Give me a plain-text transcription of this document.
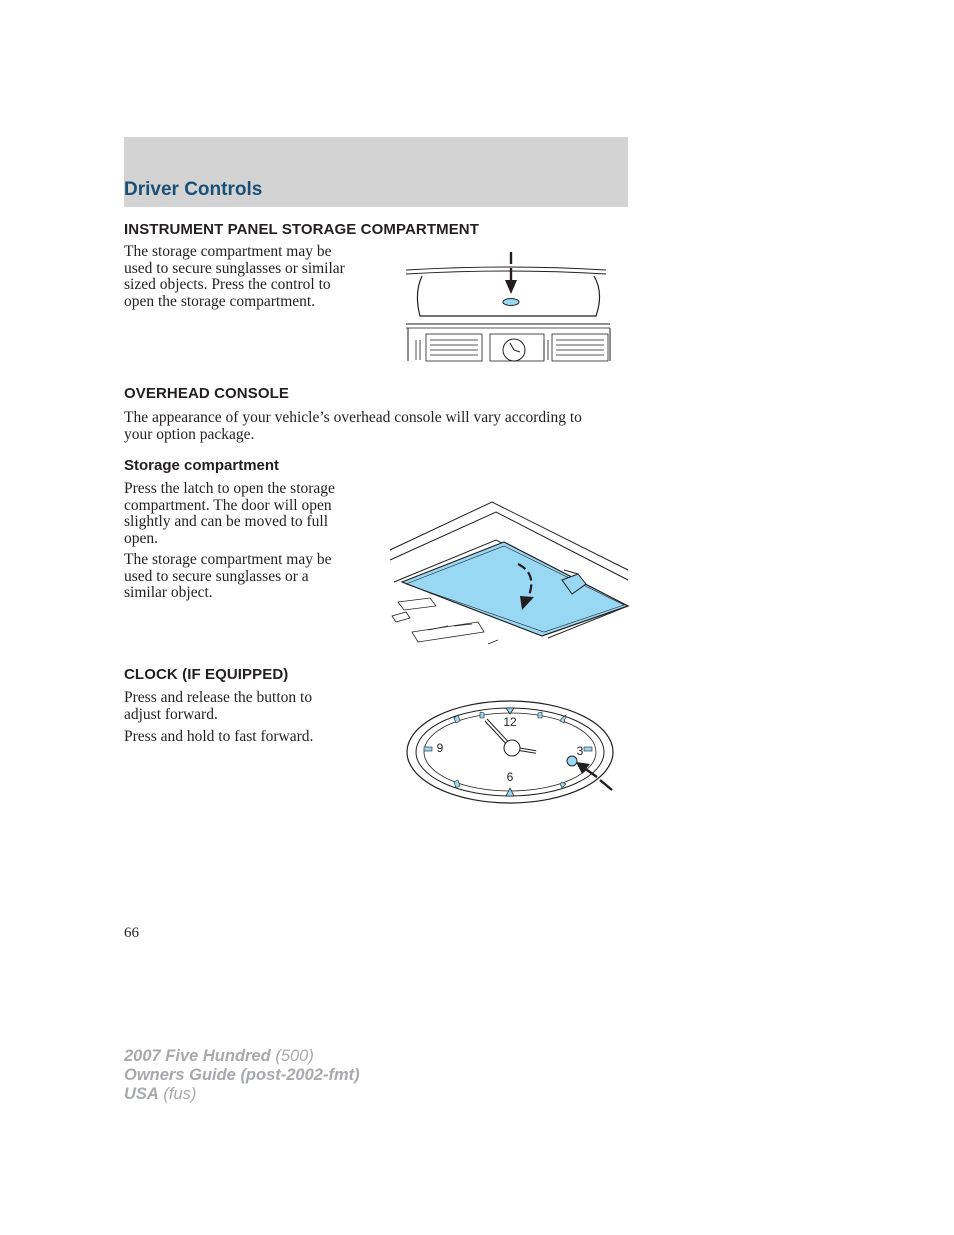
Driver Controls
INSTRUMENT PANEL STORAGE COMPARTMENT
The storage compartment may be
used to secure sunglasses or similar
sized objects. Press the control to
open the storage compartment.
OVERHEAD CONSOLE
The appearance of your vehicle’s overhead console will vary according to
your option package.
Storage compartment
Press the latch to open the storage
compartment. The door will open
slightly and can be moved to full
open.
The storage compartment may be
used to secure sunglasses or a
similar object.
CLOCK (IF EQUIPPED)
Press and release the button to
adjust forward.
Press and hold to fast forward.
12
3
6
9
66
2007 Five Hundred (500)
Owners Guide (post-2002-fmt)
USA (fus)
